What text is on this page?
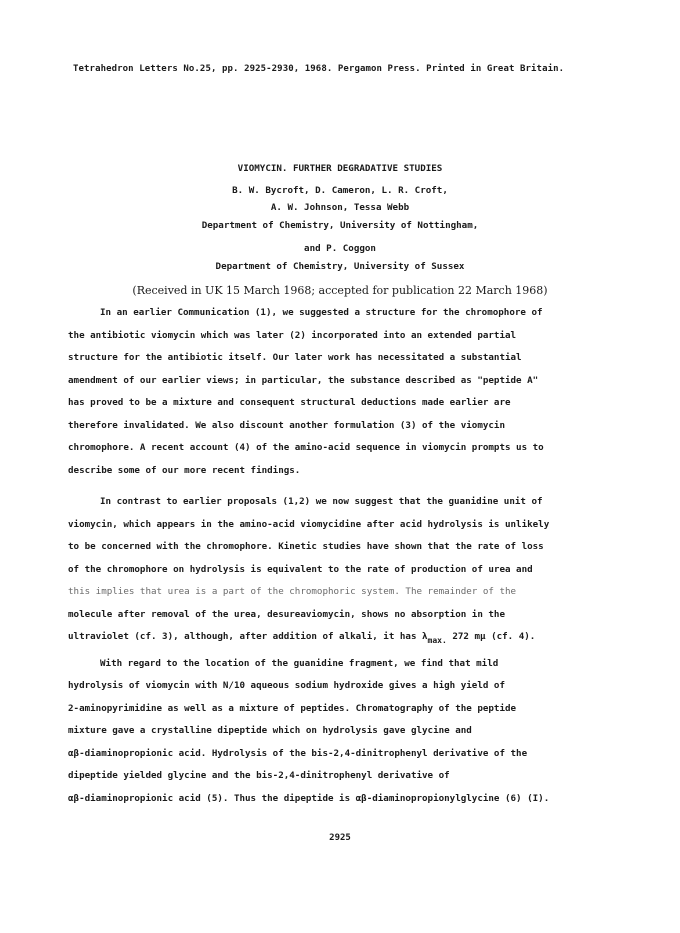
Tetrahedron Letters No.25, pp. 2925-2930, 1968. Pergamon Press. Printed in Great Britain.
VIOMYCIN. FURTHER DEGRADATIVE STUDIES
B. W. Bycroft, D. Cameron, L. R. Croft,
A. W. Johnson, Tessa Webb
Department of Chemistry, University of Nottingham,
and P. Coggon
Department of Chemistry, University of Sussex
(Received in UK 15 March 1968; accepted for publication 22 March 1968)

In an earlier Communication (1), we suggested a structure for the chromophore of
the antibiotic viomycin which was later (2) incorporated into an extended partial
structure for the antibiotic itself. Our later work has necessitated a substantial
amendment of our earlier views; in particular, the substance described as "peptide A"
has proved to be a mixture and consequent structural deductions made earlier are
therefore invalidated. We also discount another formulation (3) of the viomycin
chromophore. A recent account (4) of the amino-acid sequence in viomycin prompts us to
describe some of our more recent findings.

In contrast to earlier proposals (1,2) we now suggest that the guanidine unit of
viomycin, which appears in the amino-acid viomycidine after acid hydrolysis is unlikely
to be concerned with the chromophore. Kinetic studies have shown that the rate of loss
of the chromophore on hydrolysis is equivalent to the rate of production of urea and
this implies that urea is a part of the chromophoric system. The remainder of the
molecule after removal of the urea, desureaviomycin, shows no absorption in the
ultraviolet (cf. 3), although, after addition of alkali, it has λmax. 272 mμ (cf. 4).

With regard to the location of the guanidine fragment, we find that mild
hydrolysis of viomycin with N/10 aqueous sodium hydroxide gives a high yield of
2-aminopyrimidine as well as a mixture of peptides. Chromatography of the peptide
mixture gave a crystalline dipeptide which on hydrolysis gave glycine and
αβ-diaminopropionic acid. Hydrolysis of the bis-2,4-dinitrophenyl derivative of the
dipeptide yielded glycine and the bis-2,4-dinitrophenyl derivative of
αβ-diaminopropionic acid (5). Thus the dipeptide is αβ-diaminopropionylglycine (6) (I).

2925
